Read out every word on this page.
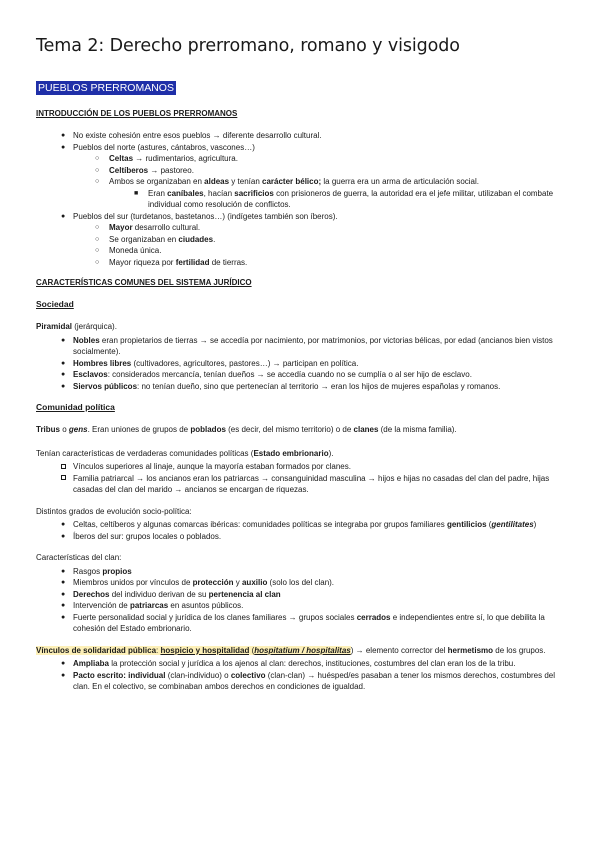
Tema 2: Derecho prerromano, romano y visigodo
PUEBLOS PRERROMANOS
INTRODUCCIÓN DE LOS PUEBLOS PRERROMANOS
● No existe cohesión entre esos pueblos → diferente desarrollo cultural.
● Pueblos del norte (astures, cántabros, vascones…)
○ Celtas → rudimentarios, agricultura.
○ Celtíberos → pastoreo.
○ Ambos se organizaban en aldeas y tenían carácter bélico; la guerra era un arma de articulación social.
■ Eran caníbales, hacían sacrificios con prisioneros de guerra, la autoridad era el jefe militar, utilizaban el combate individual como resolución de conflictos.
● Pueblos del sur (turdetanos, bastetanos…) (indígetes también son íberos).
○ Mayor desarrollo cultural.
○ Se organizaban en ciudades.
○ Moneda única.
○ Mayor riqueza por fertilidad de tierras.
CARACTERÍSTICAS COMUNES DEL SISTEMA JURÍDICO
Sociedad

Piramidal (jerárquica).

● Nobles eran propietarios de tierras → se accedía por nacimiento, por matrimonios, por victorias bélicas, por edad (ancianos bien vistos socialmente).
● Hombres libres (cultivadores, agricultores, pastores…) → participan en política.
● Esclavos: considerados mercancía, tenían dueños → se accedía cuando no se cumplía o al ser hijo de esclavo.
● Siervos públicos: no tenían dueño, sino que pertenecían al territorio → eran los hijos de mujeres españolas y romanos.
Comunidad política

Tribus o gens. Eran uniones de grupos de poblados (es decir, del mismo territorio) o de clanes (de la misma familia).

Tenían características de verdaderas comunidades políticas (Estado embrionario).

Vínculos superiores al linaje, aunque la mayoría estaban formados por clanes.
Familia patriarcal → los ancianos eran los patriarcas → consanguinidad masculina → hijos e hijas no casadas del clan del padre, hijas casadas del clan del marido → ancianos se encargan de riquezas.

Distintos grados de evolución socio-política:

● Celtas, celtíberos y algunas comarcas ibéricas: comunidades políticas se integraba por grupos familiares gentilicios (gentilitates)
● Íberos del sur: grupos locales o poblados.

Características del clan:

● Rasgos propios
● Miembros unidos por vínculos de protección y auxilio (solo los del clan).
● Derechos del individuo derivan de su pertenencia al clan
● Intervención de patriarcas en asuntos públicos.
● Fuerte personalidad social y jurídica de los clanes familiares → grupos sociales cerrados e independientes entre sí, lo que debilita la cohesión del Estado embrionario.

Vínculos de solidaridad pública: hospicio y hospitalidad (hospitatium / hospitalitas) → elemento corrector del hermetismo de los grupos.

● Ampliaba la protección social y jurídica a los ajenos al clan: derechos, instituciones, costumbres del clan eran los de la tribu.
● Pacto escrito: individual (clan-individuo) o colectivo (clan-clan) → huésped/es pasaban a tener los mismos derechos, costumbres del clan. En el colectivo, se combinaban ambos derechos en condiciones de igualdad.
